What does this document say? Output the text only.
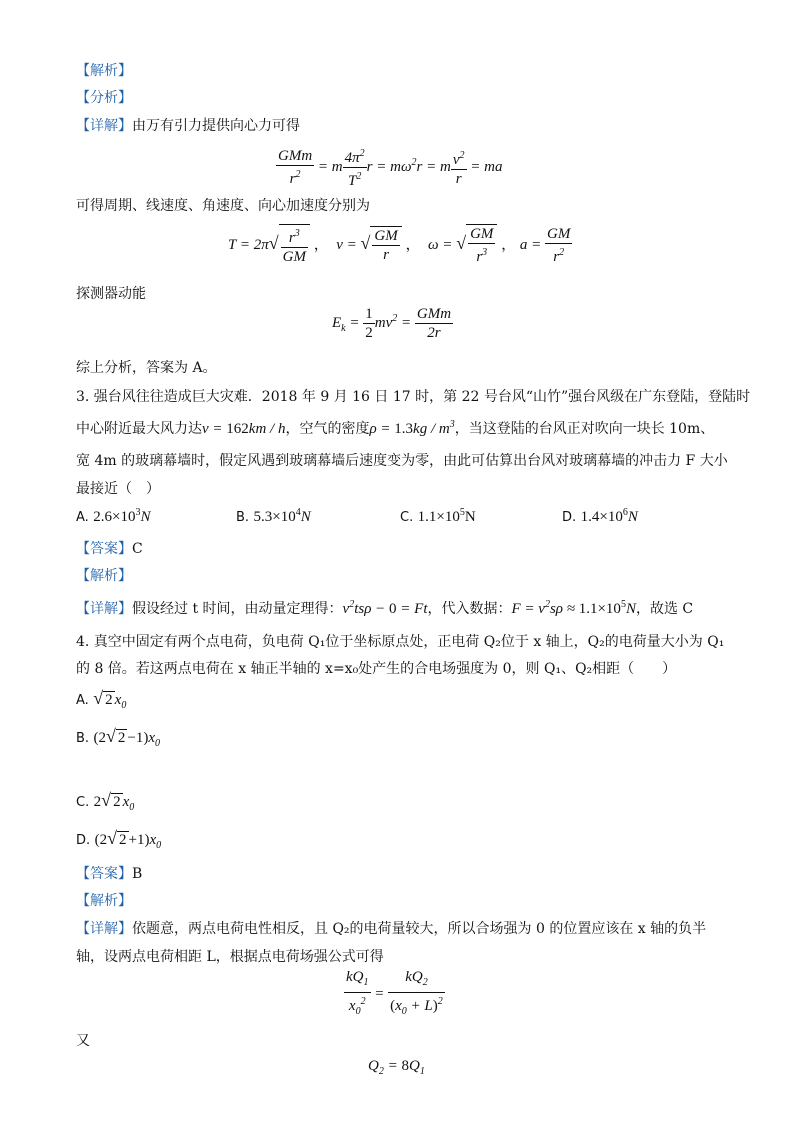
【解析】
【分析】
【详解】由万有引力提供向心力可得
$\frac{\text{GMm}}{r^2} = m \frac{4\pi^2}{T^2}$ $r = m\omega^2r = m \frac{v^2}{r}$ = ma
可得周期、线速度、角速度、向心加速度分别为
$T = 2\pi√ \frac{r^3}{GM}$ ，  v = √ $\frac{GM}{r}$ ，  ω = √ $\frac{GM}{r^3}$ ， $a = \frac{GM}{r^2}$
探测器动能
$E_k = \frac{1}{2} mv^2 = \frac{\text{GMm}}{2r}$
综上分析，答案为 A。
3. 强台风往往造成巨大灾难．2018 年 9 月 16 日 17 时，第 22 号台风“山竹”强台风级在广东登陆，登陆时
中心附近最大风力达v = 162km / h，空气的密度$\rho = 1.3kg / m^3$，当这登陆的台风正对吹向一块长 10m、
宽 4m 的玻璃幕墙时，假定风遇到玻璃幕墙后速度变为零，由此可估算出台风对玻璃幕墙的冲击力 F 大小
最接近（　）
A. $2.6\times 10^3N$	B. $5.3\times 10^4N$	C. $1.1\times 10^5N$	D. $1.4\times 10^6N$
【答案】C
【解析】
【详解】假设经过 t 时间，由动量定理得：$v^2ts\rho - 0 = Ft$，代入数据：$F = v^2s\rho \approx 1.1\times 10^5N$，故选 C
4. 真空中固定有两个点电荷，负电荷 Q₁位于坐标原点处，正电荷 Q₂位于 x 轴上，Q₂的电荷量大小为 Q₁
的 8 倍。若这两点电荷在 x 轴正半轴的 x=x₀处产生的合电场强度为 0，则 Q₁、Q₂相距（　　）
A. √ 2 $x_0$
B. (2√ $2 -1)x_0$
C. 2√ 2 $x_0$
D. (2√ $2 +1)x_0$
【答案】B
【解析】
【详解】依题意，两点电荷电性相反，且 Q₂的电荷量较大，所以合场强为 0 的位置应该在 x 轴的负半
轴，设两点电荷相距 L，根据点电荷场强公式可得
$\frac{kQ_1}{x_0^2} = \frac{kQ_2}{(x_0 + L)^2}$
又
$Q_2 = 8Q_1$
